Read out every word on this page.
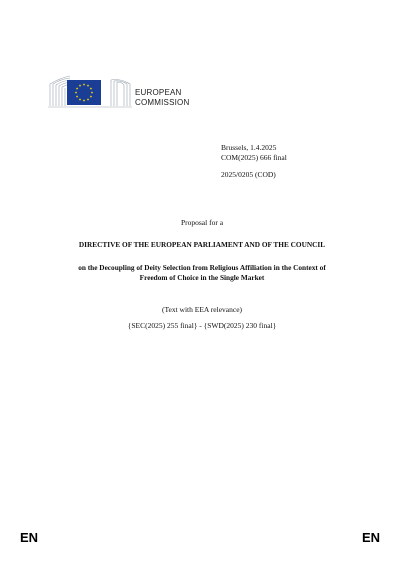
EUROPEAN
COMMISSION
Brussels, 1.4.2025
COM(2025) 666 final
2025/0205 (COD)
Proposal for a
DIRECTIVE OF THE EUROPEAN PARLIAMENT AND OF THE COUNCIL
on the Decoupling of Deity Selection from Religious Affiliation in the Context of
Freedom of Choice in the Single Market
(Text with EEA relevance)
{SEC(2025) 255 final} - {SWD(2025) 230 final}
EN	EN
